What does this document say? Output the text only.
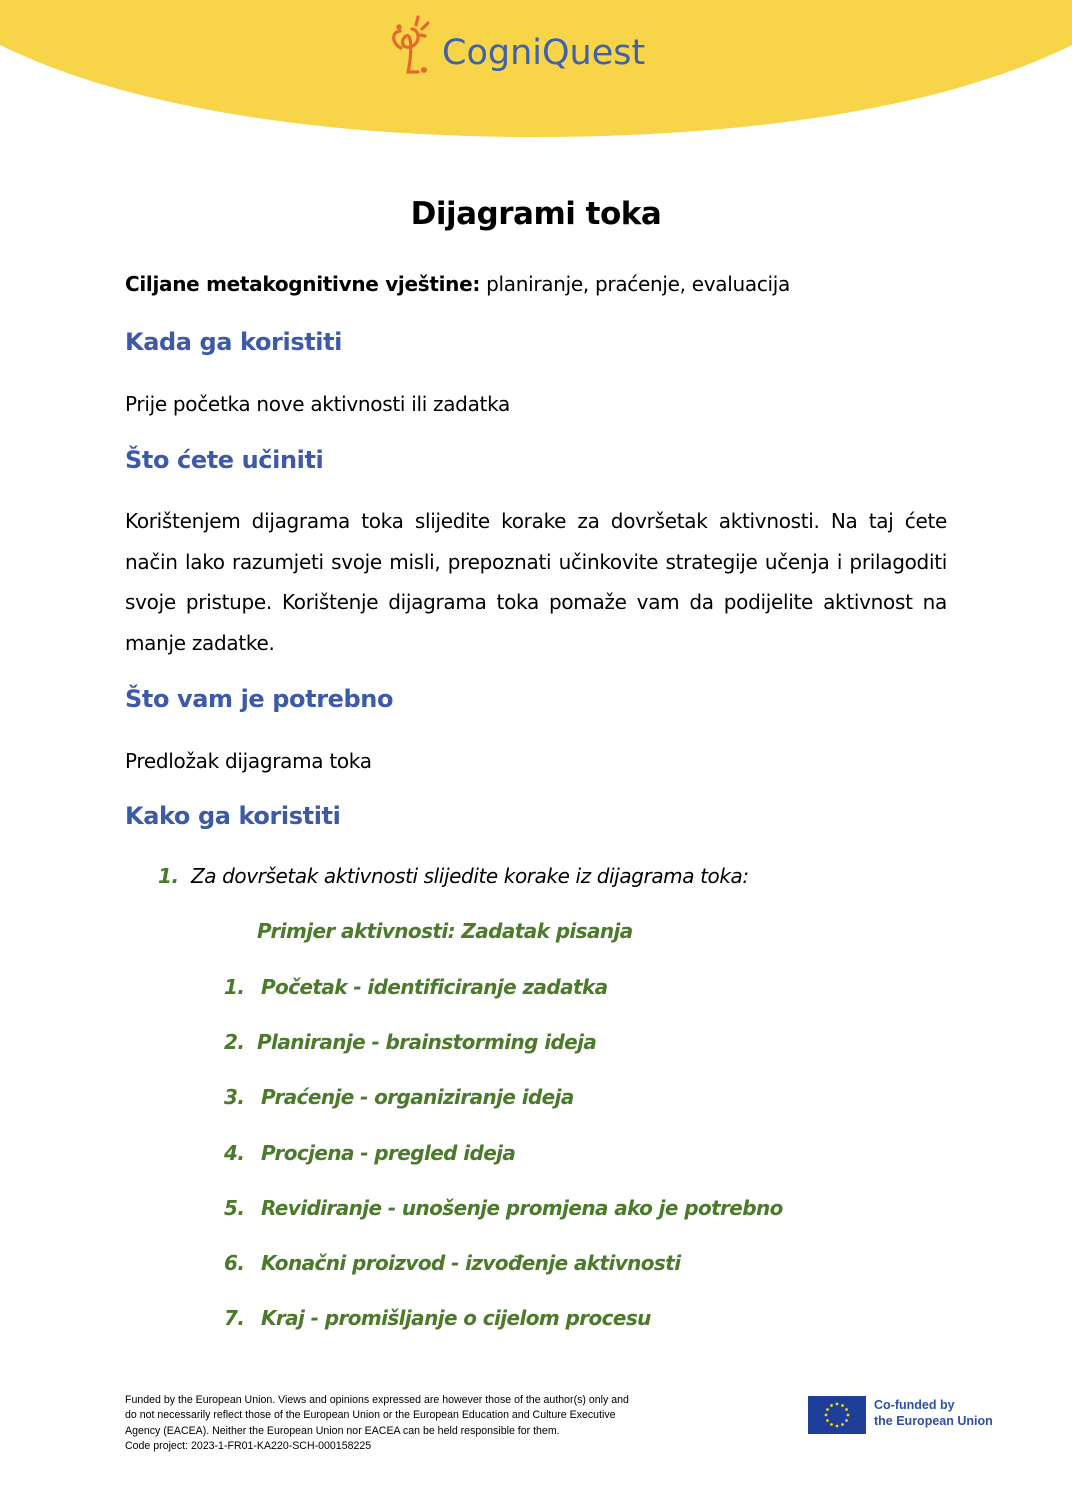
CogniQuest
Dijagrami toka
Ciljane metakognitivne vještine: planiranje, praćenje, evaluacija
Kada ga koristiti
Prije početka nove aktivnosti ili zadatka
Što ćete učiniti
Korištenjem dijagrama toka slijedite korake za dovršetak aktivnosti. Na taj ćete način lako razumjeti svoje misli, prepoznati učinkovite strategije učenja i prilagoditi svoje pristupe. Korištenje dijagrama toka pomaže vam da podijelite aktivnost na manje zadatke.
Što vam je potrebno
Predložak dijagrama toka
Kako ga koristiti
1. Za dovršetak aktivnosti slijedite korake iz dijagrama toka:
Primjer aktivnosti: Zadatak pisanja
1. Početak - identificiranje zadatka
2. Planiranje - brainstorming ideja
3. Praćenje - organiziranje ideja
4. Procjena - pregled ideja
5. Revidiranje - unošenje promjena ako je potrebno
6. Konačni proizvod - izvođenje aktivnosti
7. Kraj - promišljanje o cijelom procesu
Funded by the European Union. Views and opinions expressed are however those of the author(s) only and
do not necessarily reflect those of the European Union or the European Education and Culture Executive
Agency (EACEA). Neither the European Union nor EACEA can be held responsible for them.
Code project: 2023-1-FR01-KA220-SCH-000158225
Co-funded by
the European Union
